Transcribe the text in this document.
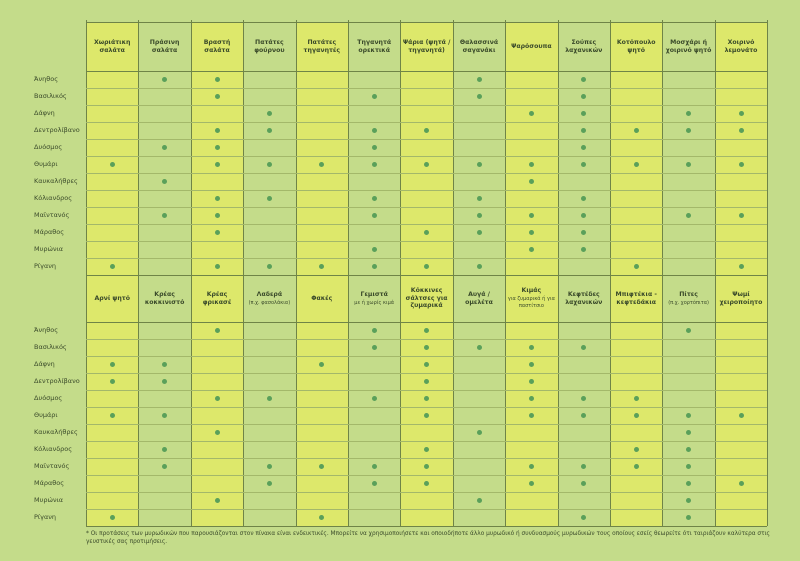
Χωριάτικη σαλάτα
Πράσινη σαλάτα
Βραστή σαλάτα
Πατάτες φούρνου
Πατάτες τηγανητές
Τηγανητά ορεκτικά
Ψάρια (ψητά / τηγανητά)
Θαλασσινά σαγανάκι
Ψαρόσουπα
Σούπες λαχανικών
Κοτόπουλο ψητό
Μοσχάρι ή χοιρινό ψητό
Χοιρινό λεμονάτο
Άνηθος
Βασιλικός
Δάφνη
Δεντρολίβανο
Δυόσμος
Θυμάρι
Καυκαλήθρες
Κόλιανδρος
Μαϊντανός
Μάραθος
Μυρώνια
Ρίγανη
Αρνί ψητό
Κρέας κοκκινιστό
Κρέας φρικασέ
Λαδερά
(π.χ. φασολάκια)
Φακές
Γεμιστά
με ή χωρίς κιμά
Κόκκινες σάλτσες για ζυμαρικά
Αυγά / ομελέτα
Κιμάς
για ζυμαρικά ή για παστίτσιο
Κεφτέδες λαχανικών
Μπιφτέκια - κεφτεδάκια
Πίτες
(π.χ. χορτόπιτα)
Ψωμί χειροποίητο
Άνηθος
Βασιλικός
Δάφνη
Δεντρολίβανο
Δυόσμος
Θυμάρι
Καυκαλήθρες
Κόλιανδρος
Μαϊντανός
Μάραθος
Μυρώνια
Ρίγανη
* Οι προτάσεις των μυρωδικών που παρουσιάζονται στον πίνακα είναι ενδεικτικές. Μπορείτε να χρησιμοποιήσετε και οποιοδήποτε άλλο μυρωδικό ή συνδυασμούς μυρωδικών τους οποίους εσείς θεωρείτε ότι ταιριάζουν καλύτερα στις γευστικές σας προτιμήσεις.
